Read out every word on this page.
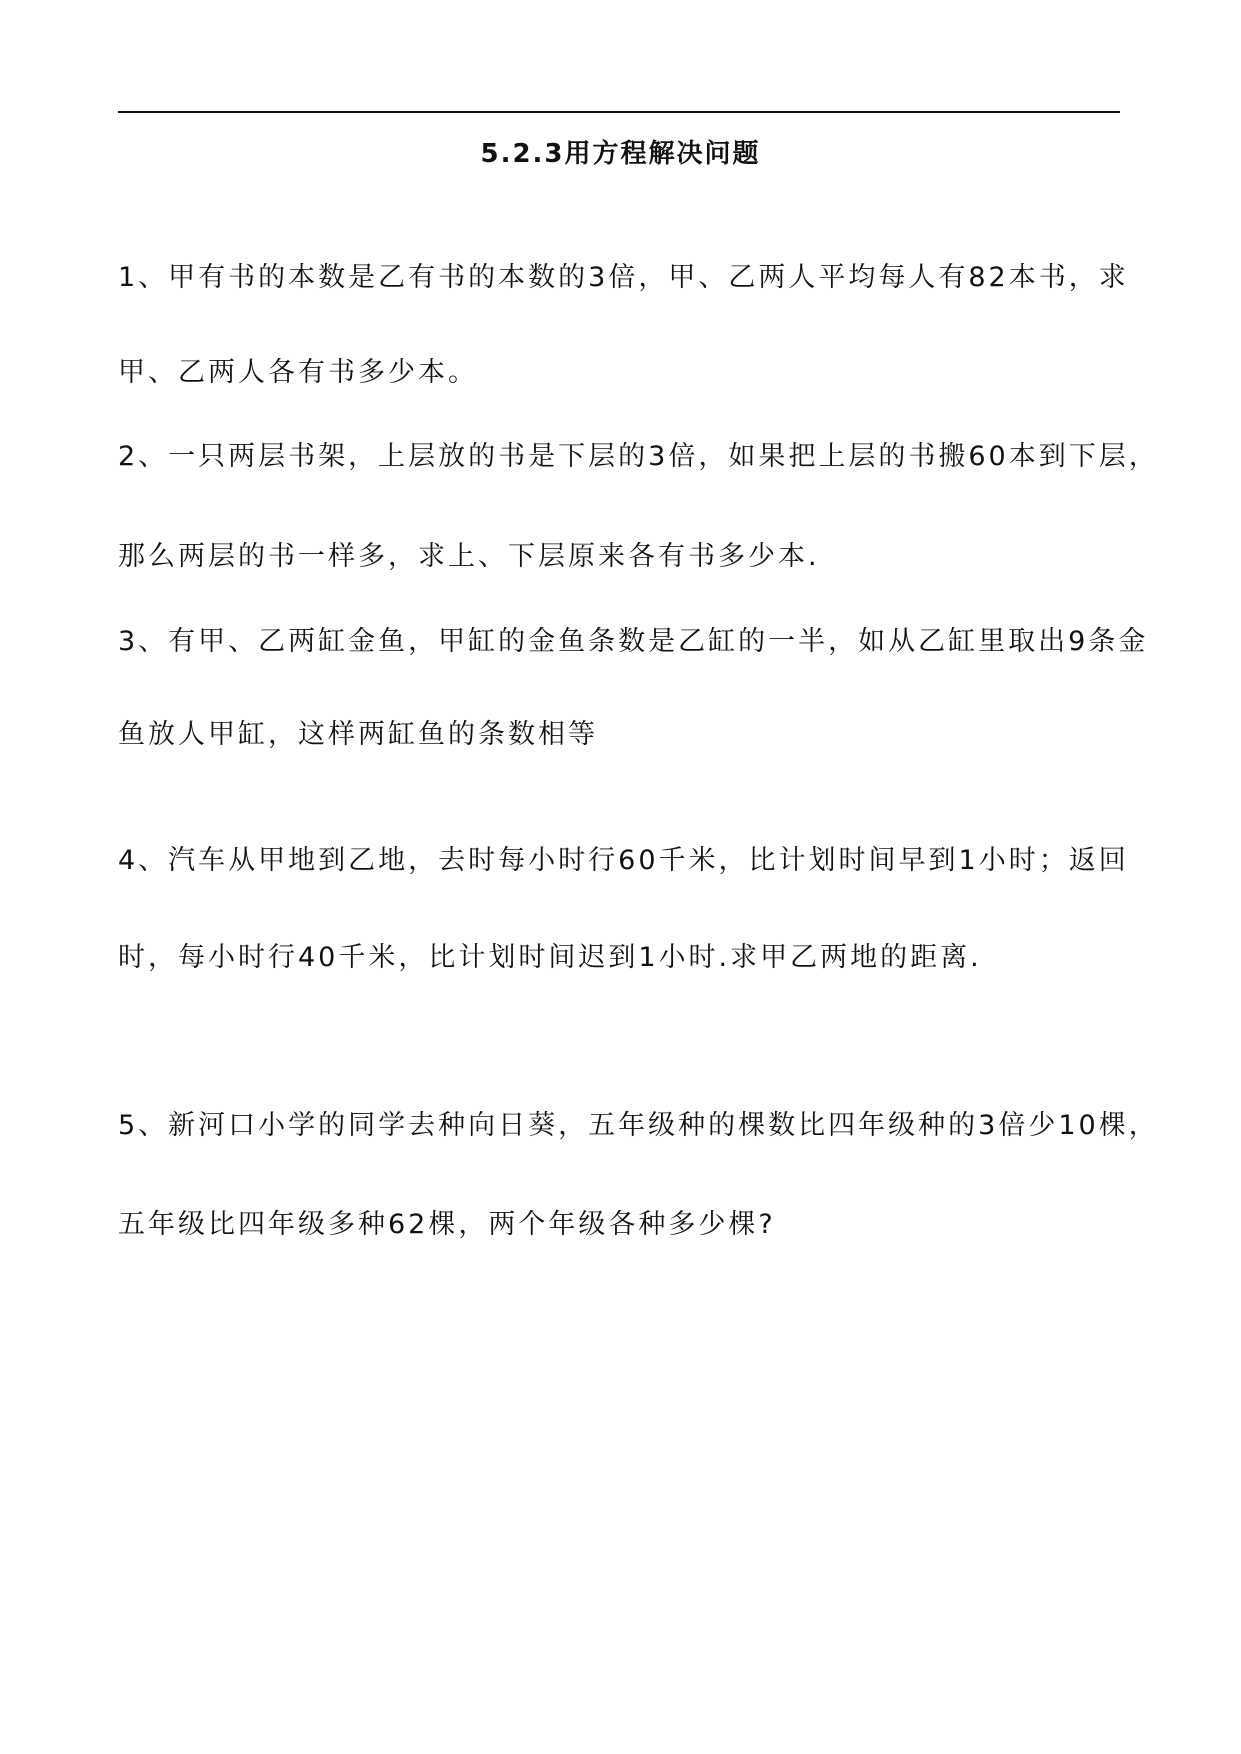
5.2.3用方程解决问题
1、甲有书的本数是乙有书的本数的3倍，甲、乙两人平均每人有82本书，求
甲、乙两人各有书多少本。
2、一只两层书架，上层放的书是下层的3倍，如果把上层的书搬60本到下层，
那么两层的书一样多，求上、下层原来各有书多少本.
3、有甲、乙两缸金鱼，甲缸的金鱼条数是乙缸的一半，如从乙缸里取出9条金
鱼放人甲缸，这样两缸鱼的条数相等
4、汽车从甲地到乙地，去时每小时行60千米，比计划时间早到1小时；返回
时，每小时行40千米，比计划时间迟到1小时.求甲乙两地的距离.
5、新河口小学的同学去种向日葵，五年级种的棵数比四年级种的3倍少10棵，
五年级比四年级多种62棵，两个年级各种多少棵?
